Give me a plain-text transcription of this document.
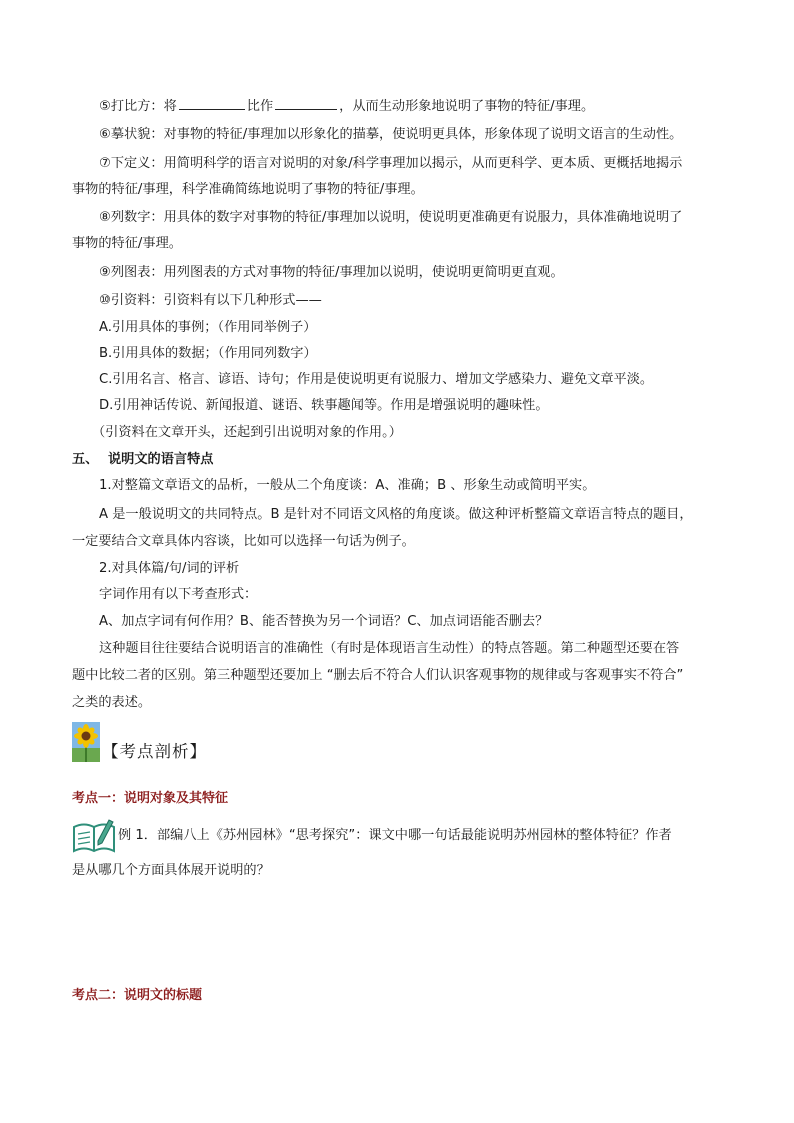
⑤打比方：将	比作	，从而生动形象地说明了事物的特征/事理。
⑥摹状貌：对事物的特征/事理加以形象化的描摹，使说明更具体，形象体现了说明文语言的生动性。
⑦下定义：用简明科学的语言对说明的对象/科学事理加以揭示，从而更科学、更本质、更概括地揭示
事物的特征/事理，科学准确简练地说明了事物的特征/事理。
⑧列数字：用具体的数字对事物的特征/事理加以说明，使说明更准确更有说服力，具体准确地说明了
事物的特征/事理。
⑨列图表：用列图表的方式对事物的特征/事理加以说明，使说明更简明更直观。
⑩引资料：引资料有以下几种形式——
A.引用具体的事例；（作用同举例子）
B.引用具体的数据；（作用同列数字）
C.引用名言、格言、谚语、诗句；作用是使说明更有说服力、增加文学感染力、避免文章平淡。
D.引用神话传说、新闻报道、谜语、轶事趣闻等。作用是增强说明的趣味性。
（引资料在文章开头，还起到引出说明对象的作用。）
五、 说明文的语言特点
1.对整篇文章语文的品析，一般从二个角度谈：A、准确；B 、形象生动或简明平实。
A 是一般说明文的共同特点。B 是针对不同语文风格的角度谈。做这种评析整篇文章语言特点的题目，
一定要结合文章具体内容谈，比如可以选择一句话为例子。
2.对具体篇/句/词的评析
字词作用有以下考查形式：
A、加点字词有何作用？B、能否替换为另一个词语？C、加点词语能否删去？
这种题目往往要结合说明语言的准确性（有时是体现语言生动性）的特点答题。第二种题型还要在答
题中比较二者的区别。第三种题型还要加上 “删去后不符合人们认识客观事物的规律或与客观事实不符合”
之类的表述。
【考点剖析】
考点一：说明对象及其特征
例 1．部编八上《苏州园林》“思考探究”：课文中哪一句话最能说明苏州园林的整体特征？作者
是从哪几个方面具体展开说明的？
考点二：说明文的标题
